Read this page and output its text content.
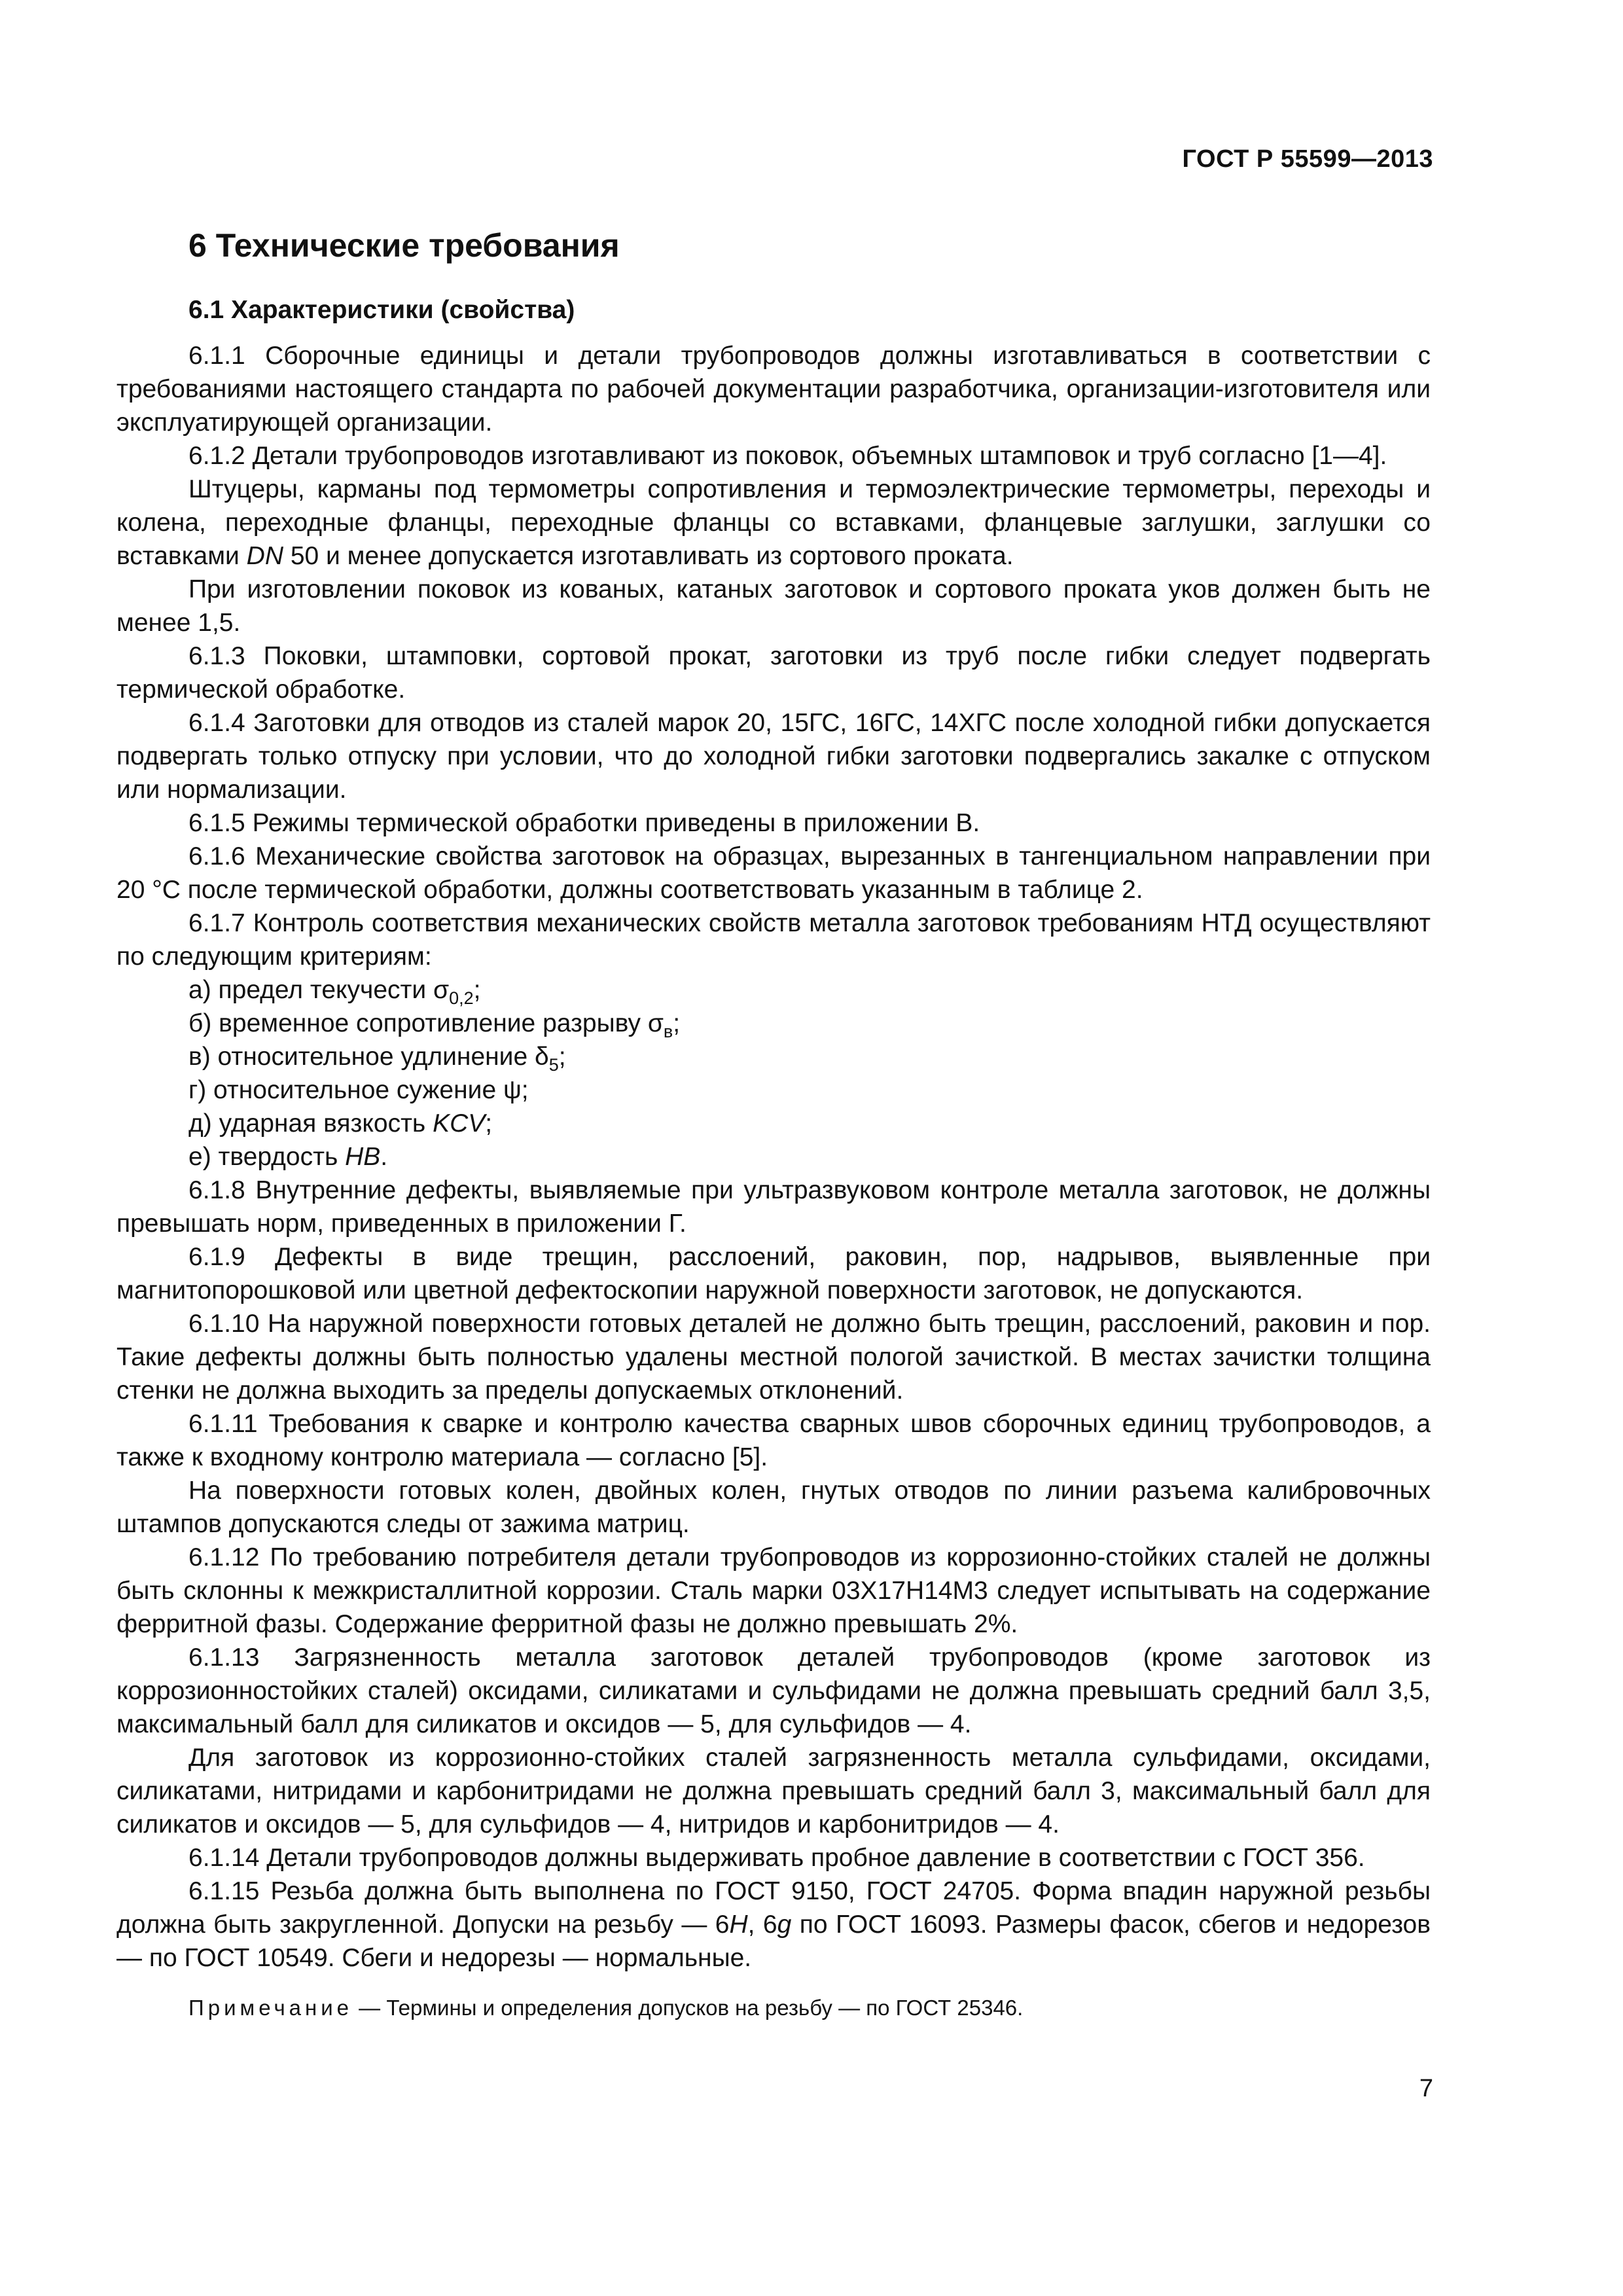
ГОСТ Р 55599—2013
6 Технические требования
6.1 Характеристики (свойства)

6.1.1 Сборочные единицы и детали трубопроводов должны изготавливаться в соответствии с требованиями настоящего стандарта по рабочей документации разработчика, организации-изготовителя или эксплуатирующей организации.

6.1.2 Детали трубопроводов изготавливают из поковок, объемных штамповок и труб согласно [1—4].

Штуцеры, карманы под термометры сопротивления и термоэлектрические термометры, переходы и колена, переходные фланцы, переходные фланцы со вставками, фланцевые заглушки, заглушки со вставками DN 50 и менее допускается изготавливать из сортового проката.

При изготовлении поковок из кованых, катаных заготовок и сортового проката уков должен быть не менее 1,5.

6.1.3 Поковки, штамповки, сортовой прокат, заготовки из труб после гибки следует подвергать термической обработке.

6.1.4 Заготовки для отводов из сталей марок 20, 15ГС, 16ГС, 14ХГС после холодной гибки допускается подвергать только отпуску при условии, что до холодной гибки заготовки подвергались закалке с отпуском или нормализации.

6.1.5 Режимы термической обработки приведены в приложении В.

6.1.6 Механические свойства заготовок на образцах, вырезанных в тангенциальном направлении при 20 °С после термической обработки, должны соответствовать указанным в таблице 2.

6.1.7 Контроль соответствия механических свойств металла заготовок требованиям НТД осуществляют по следующим критериям:

а) предел текучести $\sigma_{0,2}$;
б) временное сопротивление разрыву $\sigma_в$;
в) относительное удлинение $\delta_5$;
г) относительное сужение ψ;
д) ударная вязкость KCV;
е) твердость HB.

6.1.8 Внутренние дефекты, выявляемые при ультразвуковом контроле металла заготовок, не должны превышать норм, приведенных в приложении Г.

6.1.9 Дефекты в виде трещин, расслоений, раковин, пор, надрывов, выявленные при магнитопорошковой или цветной дефектоскопии наружной поверхности заготовок, не допускаются.

6.1.10 На наружной поверхности готовых деталей не должно быть трещин, расслоений, раковин и пор. Такие дефекты должны быть полностью удалены местной пологой зачисткой. В местах зачистки толщина стенки не должна выходить за пределы допускаемых отклонений.

6.1.11 Требования к сварке и контролю качества сварных швов сборочных единиц трубопроводов, а также к входному контролю материала — согласно [5].

На поверхности готовых колен, двойных колен, гнутых отводов по линии разъема калибровочных штампов допускаются следы от зажима матриц.

6.1.12 По требованию потребителя детали трубопроводов из коррозионно-стойких сталей не должны быть склонны к межкристаллитной коррозии. Сталь марки 03Х17Н14М3 следует испытывать на содержание ферритной фазы. Содержание ферритной фазы не должно превышать 2%.

6.1.13 Загрязненность металла заготовок деталей трубопроводов (кроме заготовок из коррозионностойких сталей) оксидами, силикатами и сульфидами не должна превышать средний балл 3,5, максимальный балл для силикатов и оксидов — 5, для сульфидов — 4.

Для заготовок из коррозионно-стойких сталей загрязненность металла сульфидами, оксидами, силикатами, нитридами и карбонитридами не должна превышать средний балл 3, максимальный балл для силикатов и оксидов — 5, для сульфидов — 4, нитридов и карбонитридов — 4.

6.1.14 Детали трубопроводов должны выдерживать пробное давление в соответствии с ГОСТ 356.

6.1.15 Резьба должна быть выполнена по ГОСТ 9150, ГОСТ 24705. Форма впадин наружной резьбы должна быть закругленной. Допуски на резьбу — 6H, 6g по ГОСТ 16093. Размеры фасок, сбегов и недорезов — по ГОСТ 10549. Сбеги и недорезы — нормальные.

Примечание — Термины и определения допусков на резьбу — по ГОСТ 25346.

7
